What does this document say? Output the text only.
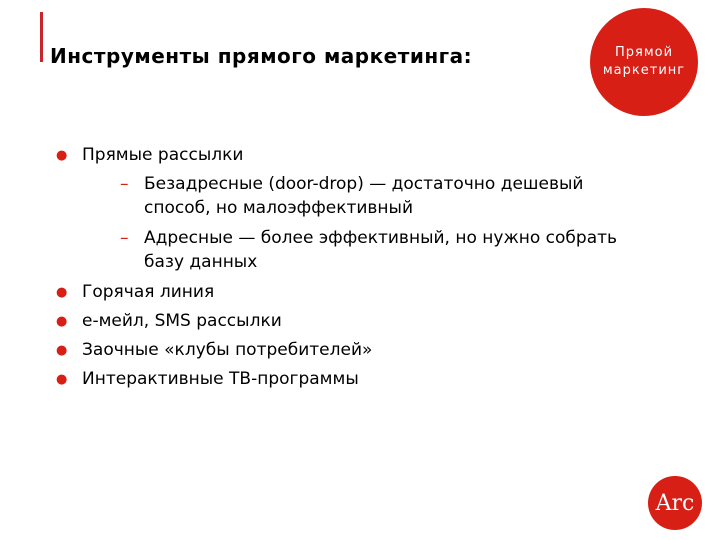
Инструменты прямого маркетинга:	Прямой
маркетинг
● Прямые рассылки
– Безадресные (door-drop) — достаточно дешевый способ, но малоэффективный
– Адресные — более эффективный, но нужно собрать базу данных
● Горячая линия
● е-мейл, SMS рассылки
● Заочные «клубы потребителей»
● Интерактивные ТВ-программы
Arc
